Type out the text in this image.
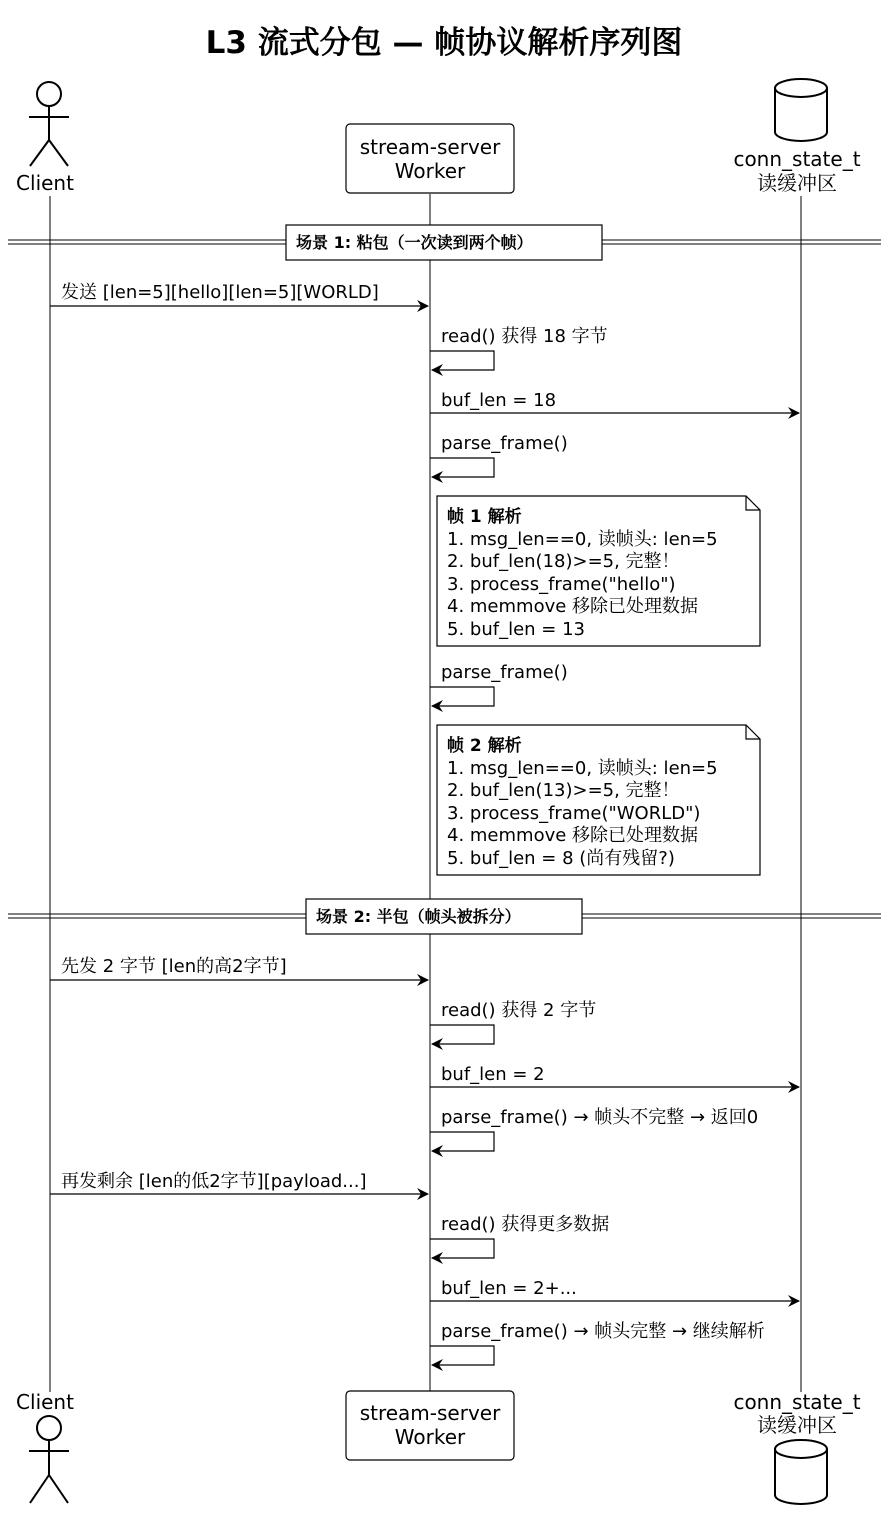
L3 流式分包 — 帧协议解析序列图
Client
stream-server
Worker	conn_state_t
读缓冲区
场景 1: 粘包（一次读到两个帧）
发送 [len=5][hello][len=5][WORLD]
read() 获得 18 字节
buf_len = 18
parse_frame()
帧 1 解析
1. msg_len==0, 读帧头: len=5
2. buf_len(18)>=5, 完整！
3. process_frame("hello")
4. memmove 移除已处理数据
5. buf_len = 13
parse_frame()
帧 2 解析
1. msg_len==0, 读帧头: len=5
2. buf_len(13)>=5, 完整！
3. process_frame("WORLD")
4. memmove 移除已处理数据
5. buf_len = 8 (尚有残留?)
场景 2: 半包（帧头被拆分）
先发 2 字节 [len的高2字节]
read() 获得 2 字节
buf_len = 2
parse_frame() → 帧头不完整 → 返回0
再发剩余 [len的低2字节][payload...]
read() 获得更多数据
buf_len = 2+...
parse_frame() → 帧头完整 → 继续解析
Client	stream-server
Worker
conn_state_t
读缓冲区
